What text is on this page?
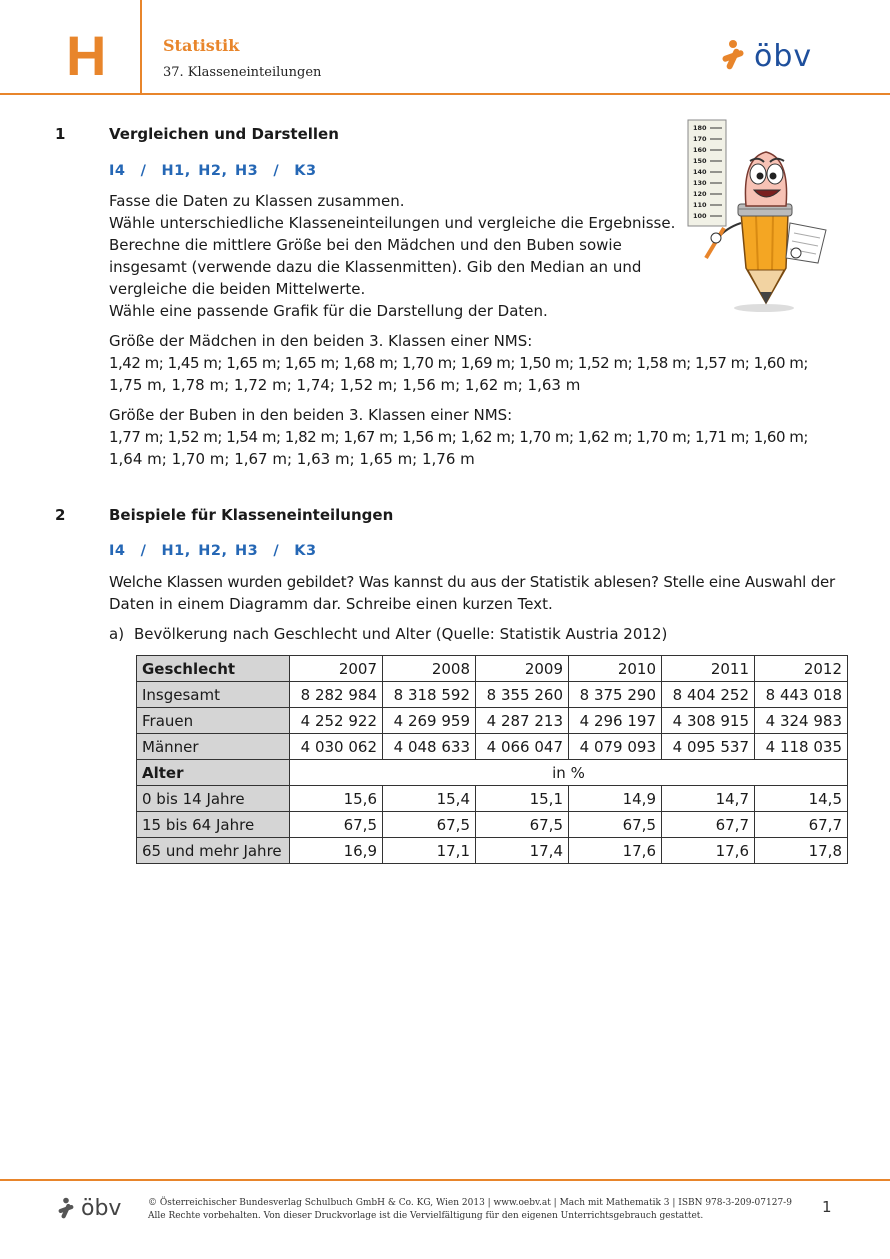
H	Statistik
37. Klasseneinteilungen	öbv
1	Vergleichen und Darstellen
I4  /  H1, H2, H3  /  K3
Fasse die Daten zu Klassen zusammen.
Wähle unterschiedliche Klasseneinteilungen und vergleiche die Ergebnisse.
Berechne die mittlere Größe bei den Mädchen und den Buben sowie
insgesamt (verwende dazu die Klassenmitten). Gib den Median an und
vergleiche die beiden Mittelwerte.
Wähle eine passende Grafik für die Darstellung der Daten.
Größe der Mädchen in den beiden 3. Klassen einer NMS:
1,42 m; 1,45 m; 1,65 m; 1,65 m; 1,68 m; 1,70 m; 1,69 m; 1,50 m; 1,52 m; 1,58 m; 1,57 m; 1,60 m;
1,75 m, 1,78 m; 1,72 m; 1,74; 1,52 m; 1,56 m; 1,62 m; 1,63 m
Größe der Buben in den beiden 3. Klassen einer NMS:
1,77 m; 1,52 m; 1,54 m; 1,82 m; 1,67 m; 1,56 m; 1,62 m; 1,70 m; 1,62 m; 1,70 m; 1,71 m; 1,60 m;
1,64 m; 1,70 m; 1,67 m; 1,63 m; 1,65 m; 1,76 m
180
170
160
150
140
130
120
110
100
2	Beispiele für Klasseneinteilungen
I4  /  H1, H2, H3  /  K3
Welche Klassen wurden gebildet? Was kannst du aus der Statistik ablesen? Stelle eine Auswahl der
Daten in einem Diagramm dar. Schreibe einen kurzen Text.
a) Bevölkerung nach Geschlecht und Alter (Quelle: Statistik Austria 2012)
Geschlecht	2007	2008	2009	2010	2011	2012
Insgesamt	8 282 984	8 318 592	8 355 260	8 375 290	8 404 252	8 443 018
Frauen	4 252 922	4 269 959	4 287 213	4 296 197	4 308 915	4 324 983
Männer	4 030 062	4 048 633	4 066 047	4 079 093	4 095 537	4 118 035
Alter	in %					
0 bis 14 Jahre	15,6	15,4	15,1	14,9	14,7	14,5
15 bis 64 Jahre	67,5	67,5	67,5	67,5	67,7	67,7
65 und mehr Jahre	16,9	17,1	17,4	17,6	17,6	17,8
öbv	© Österreichischer Bundesverlag Schulbuch GmbH & Co. KG, Wien 2013 | www.oebv.at | Mach mit Mathematik 3 | ISBN 978-3-209-07127-9
Alle Rechte vorbehalten. Von dieser Druckvorlage ist die Vervielfältigung für den eigenen Unterrichtsgebrauch gestattet.	1
